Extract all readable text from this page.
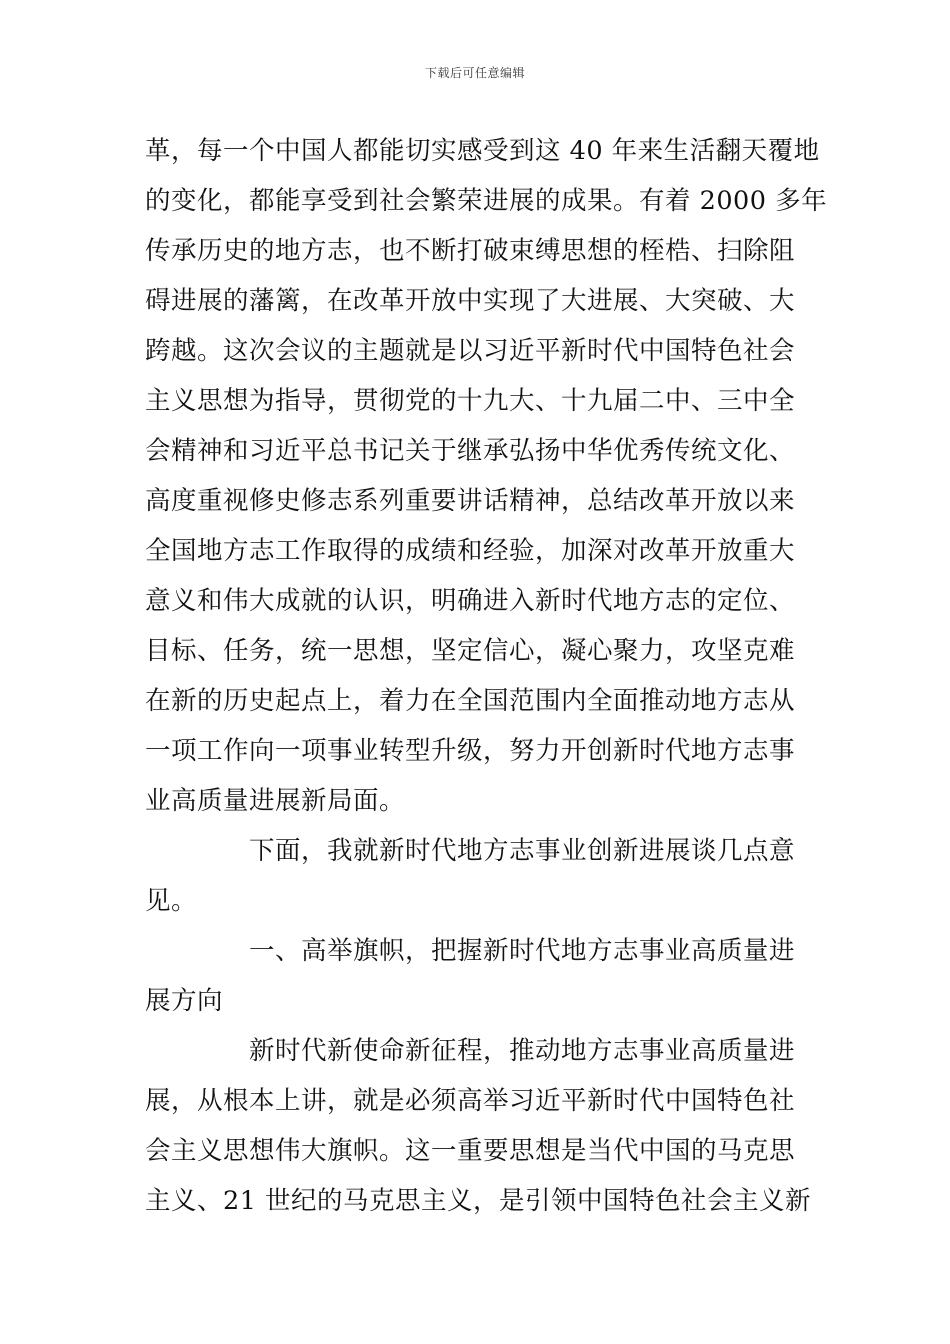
下载后可任意编辑
革，每一个中国人都能切实感受到这 40 年来生活翻天覆地
的变化，都能享受到社会繁荣进展的成果。有着 2000 多年
传承历史的地方志，也不断打破束缚思想的桎梏、扫除阻
碍进展的藩篱，在改革开放中实现了大进展、大突破、大
跨越。这次会议的主题就是以习近平新时代中国特色社会
主义思想为指导，贯彻党的十九大、十九届二中、三中全
会精神和习近平总书记关于继承弘扬中华优秀传统文化、
高度重视修史修志系列重要讲话精神，总结改革开放以来
全国地方志工作取得的成绩和经验，加深对改革开放重大
意义和伟大成就的认识，明确进入新时代地方志的定位、
目标、任务，统一思想，坚定信心，凝心聚力，攻坚克难
在新的历史起点上，着力在全国范围内全面推动地方志从
一项工作向一项事业转型升级，努力开创新时代地方志事
业高质量进展新局面。
下面，我就新时代地方志事业创新进展谈几点意
见。
一、高举旗帜，把握新时代地方志事业高质量进
展方向
新时代新使命新征程，推动地方志事业高质量进
展，从根本上讲，就是必须高举习近平新时代中国特色社
会主义思想伟大旗帜。这一重要思想是当代中国的马克思
主义、21 世纪的马克思主义，是引领中国特色社会主义新
